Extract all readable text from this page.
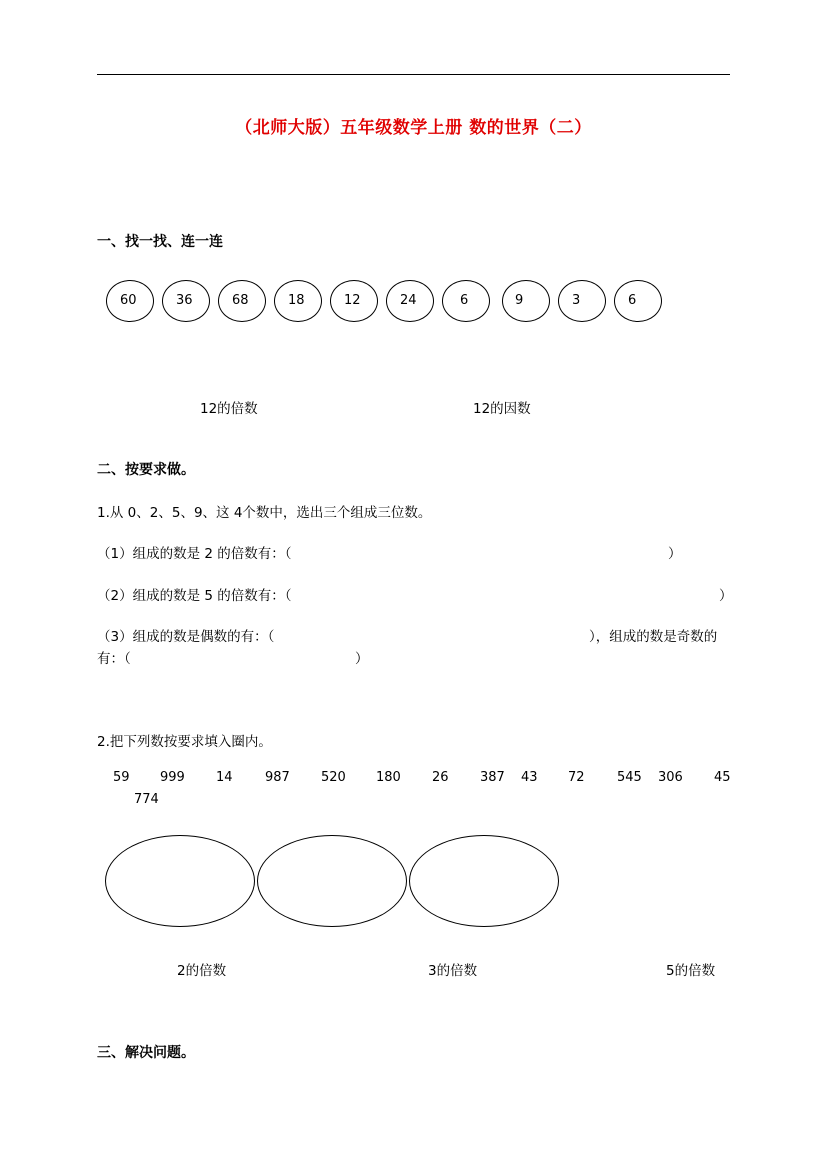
（北师大版）五年级数学上册 数的世界（二）
一、找一找、连一连
60	36	68	18	12	24	6	9	3	6
12的倍数	12的因数
二、按要求做。
1.从 0、2、5、9、这 4个数中，选出三个组成三位数。
（1）组成的数是 2 的倍数有：（	）
（2）组成的数是 5 的倍数有：（	）
（3）组成的数是偶数的有：（	），组成的数是奇数的
有：（	）
2.把下列数按要求填入圈内。
59 999 14 987 520 180 26 387 43 72 545 306 45
774
2的倍数	3的倍数	5的倍数
三、解决问题。
